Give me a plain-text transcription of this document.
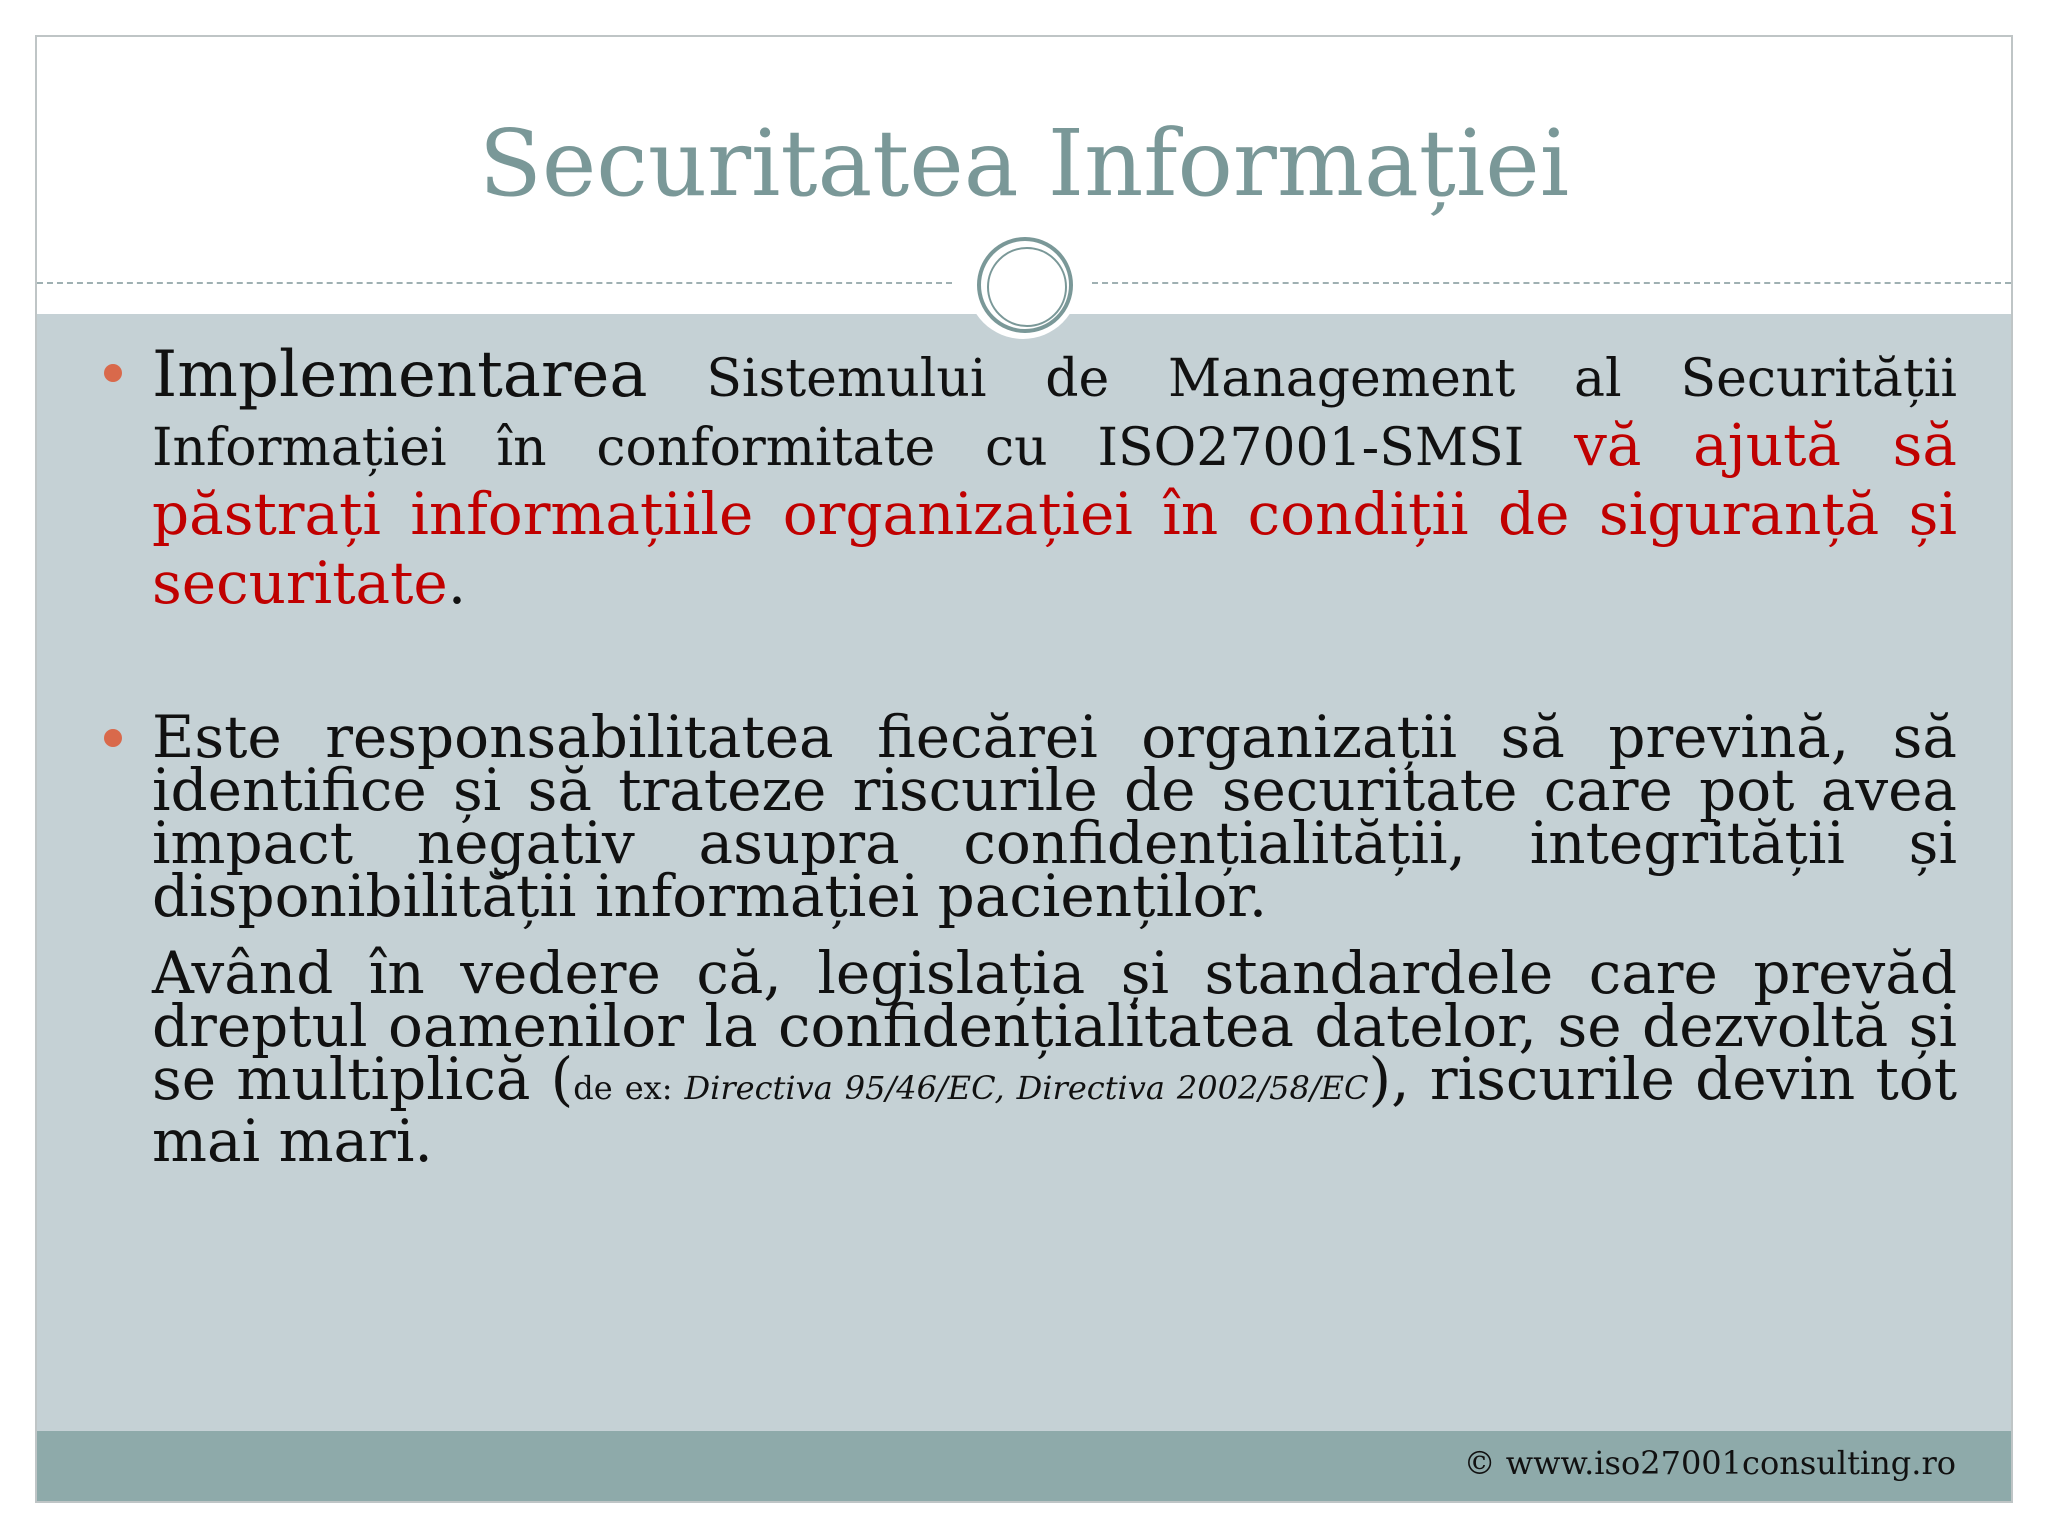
Securitatea Informației

Implementarea Sistemului de Management al Securității Informației în conformitate cu ISO27001-SMSI vă ajută să păstrați informațiile organizației în condiții de siguranță și securitate.

Este responsabilitatea fiecărei organizații să prevină, să identifice și să trateze riscurile de securitate care pot avea impact negativ asupra confidențialității, integrității și disponibilității informației pacienților.

Având în vedere că, legislația și standardele care prevăd dreptul oamenilor la confidențialitatea datelor, se dezvoltă și se multiplică (de ex: Directiva 95/46/EC, Directiva 2002/58/EC), riscurile devin tot mai mari.

© www.iso27001consulting.ro
